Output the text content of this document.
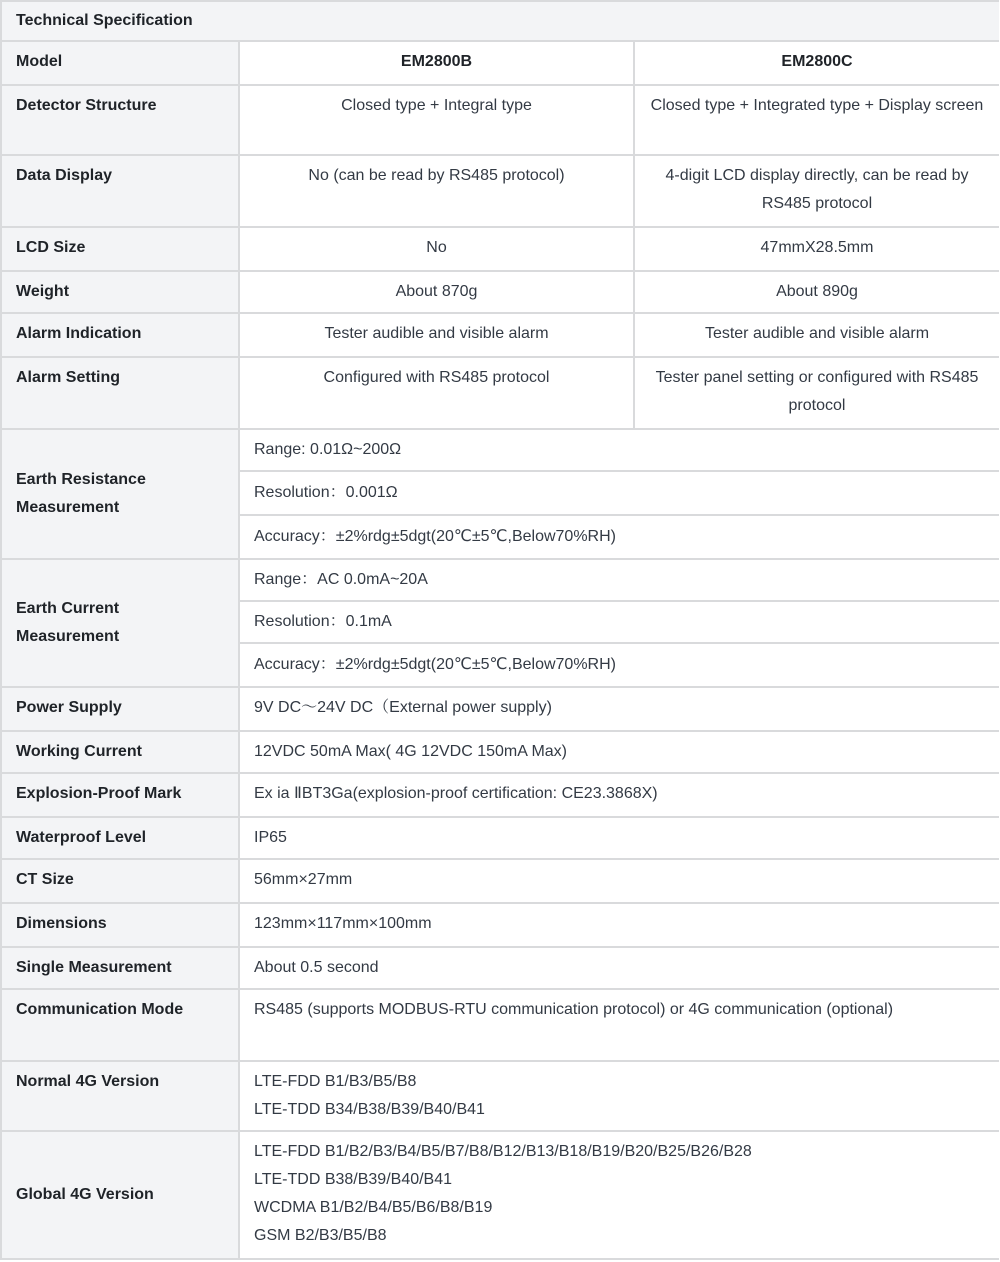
Technical Specification		
Model	EM2800B	EM2800C
Detector Structure	Closed type + Integral type	Closed type + Integrated type + Display screen
Data Display	No (can be read by RS485 protocol)	4-digit LCD display directly, can be read by RS485 protocol
LCD Size	No	47mmX28.5mm
Weight	About 870g	About 890g
Alarm Indication	Tester audible and visible alarm	Tester audible and visible alarm
Alarm Setting	Configured with RS485 protocol	Tester panel setting or configured with RS485 protocol
Earth Resistance Measurement	Range: 0.01Ω~200Ω	
	Resolution：0.001Ω	
	Accuracy：±2%rdg±5dgt(20℃±5℃,Below70%RH)	
Earth Current Measurement	Range：AC 0.0mA~20A	
	Resolution：0.1mA	
	Accuracy：±2%rdg±5dgt(20℃±5℃,Below70%RH)	
Power Supply	9V DC～24V DC（External power supply)	
Working Current	12VDC 50mA Max( 4G 12VDC 150mA Max)	
Explosion-Proof Mark	Ex ia ⅡBT3Ga(explosion-proof certification: CE23.3868X)	
Waterproof Level	IP65	
CT Size	56mm×27mm	
Dimensions	123mm×117mm×100mm	
Single Measurement	About 0.5 second	
Communication Mode	RS485 (supports MODBUS-RTU communication protocol) or 4G communication (optional)	
Normal 4G Version	LTE-FDD B1/B3/B5/B8
LTE-TDD B34/B38/B39/B40/B41	

Global 4G Version	LTE-FDD B1/B2/B3/B4/B5/B7/B8/B12/B13/B18/B19/B20/B25/B26/B28
LTE-TDD B38/B39/B40/B41
WCDMA B1/B2/B4/B5/B6/B8/B19
GSM B2/B3/B5/B8	
